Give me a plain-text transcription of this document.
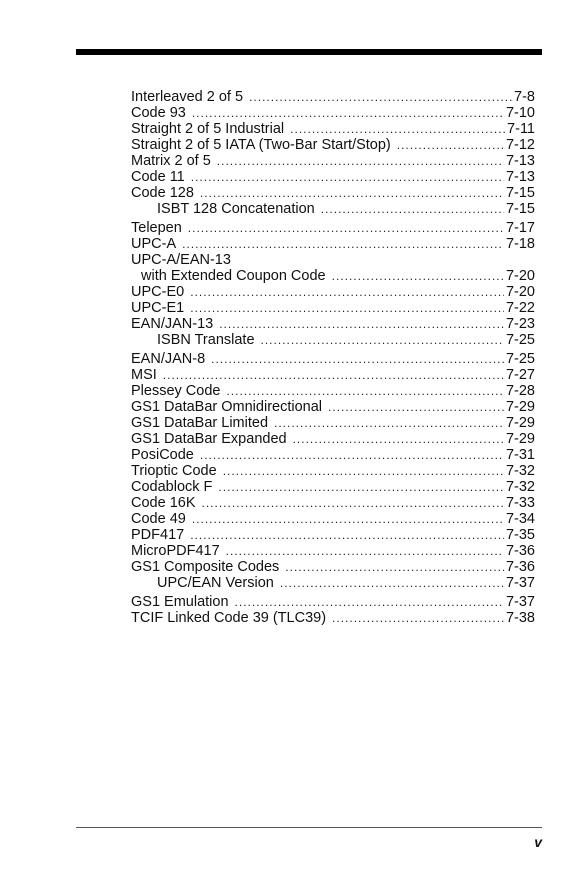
Interleaved 2 of 5 .....	7-8
Code 93 .....	7-10
Straight 2 of 5 Industrial .....	7-11
Straight 2 of 5 IATA (Two-Bar Start/Stop) .....	7-12
Matrix 2 of 5 .....	7-13
Code 11 .....	7-13
Code 128 .....	7-15
ISBT 128 Concatenation .....	7-15
Telepen .....	7-17
UPC-A .....	7-18
UPC-A/EAN-13
with Extended Coupon Code .....	7-20
UPC-E0 .....	7-20
UPC-E1 .....	7-22
EAN/JAN-13 .....	7-23
ISBN Translate .....	7-25
EAN/JAN-8 .....	7-25
MSI .....	7-27
Plessey Code .....	7-28
GS1 DataBar Omnidirectional .....	7-29
GS1 DataBar Limited .....	7-29
GS1 DataBar Expanded .....	7-29
PosiCode .....	7-31
Trioptic Code .....	7-32
Codablock F .....	7-32
Code 16K .....	7-33
Code 49 .....	7-34
PDF417 .....	7-35
MicroPDF417 .....	7-36
GS1 Composite Codes .....	7-36
UPC/EAN Version .....	7-37
GS1 Emulation .....	7-37
TCIF Linked Code 39 (TLC39) .....	7-38
v
